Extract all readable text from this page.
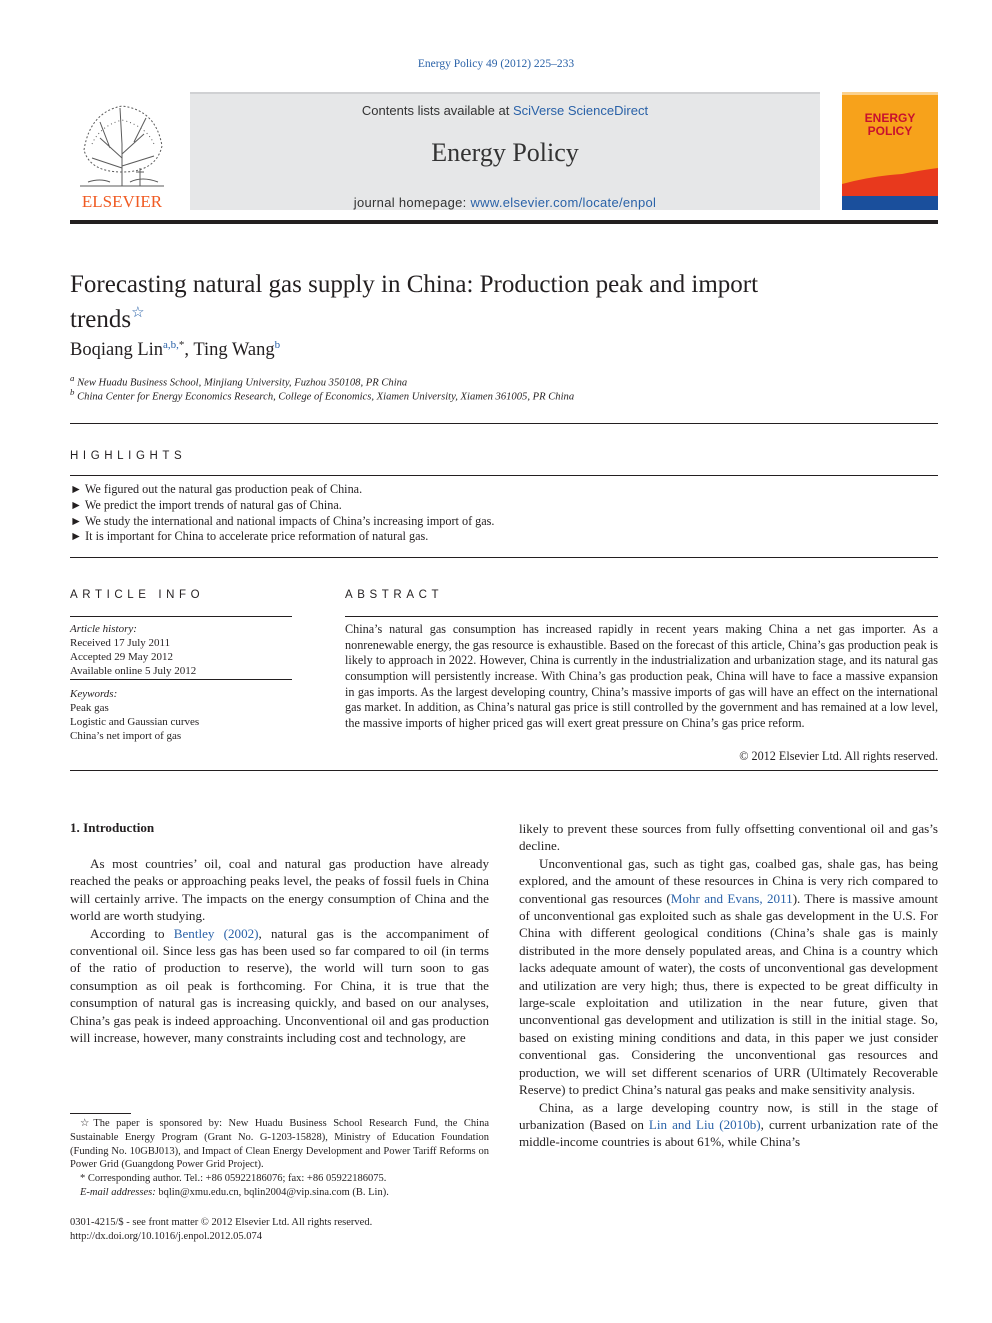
Energy Policy 49 (2012) 225–233
ELSEVIER
Contents lists available at SciVerse ScienceDirect
Energy Policy
journal homepage: www.elsevier.com/locate/enpol
ENERGY
POLICY
Forecasting natural gas supply in China: Production peak and import trends☆
Boqiang Lin$^{a,b,*}$, Ting Wang$^b$
$^a$ New Huadu Business School, Minjiang University, Fuzhou 350108, PR China
$^b$ China Center for Energy Economics Research, College of Economics, Xiamen University, Xiamen 361005, PR China
HIGHLIGHTS
► We figured out the natural gas production peak of China.
► We predict the import trends of natural gas of China.
► We study the international and national impacts of China’s increasing import of gas.
► It is important for China to accelerate price reformation of natural gas.
ARTICLE INFO
Article history:
Received 17 July 2011
Accepted 29 May 2012
Available online 5 July 2012
Keywords:
Peak gas
Logistic and Gaussian curves
China’s net import of gas
ABSTRACT
China’s natural gas consumption has increased rapidly in recent years making China a net gas importer. As a nonrenewable energy, the gas resource is exhaustible. Based on the forecast of this article, China’s gas production peak is likely to approach in 2022. However, China is currently in the industrialization and urbanization stage, and its natural gas consumption will persistently increase. With China’s gas production peak, China will have to face a massive expansion in gas imports. As the largest developing country, China’s massive imports of gas will have an effect on the international gas market. In addition, as China’s natural gas price is still controlled by the government and has remained at a low level, the massive imports of higher priced gas will exert great pressure on China’s gas price reform.
© 2012 Elsevier Ltd. All rights reserved.
1. Introduction

As most countries’ oil, coal and natural gas production have already reached the peaks or approaching peaks level, the peaks of fossil fuels in China will certainly arrive. The impacts on the energy consumption of China and the world are worth studying.

According to Bentley (2002), natural gas is the accompaniment of conventional oil. Since less gas has been used so far compared to oil (in terms of the ratio of production to reserve), the world will turn soon to gas consumption as oil peak is forthcoming. For China, it is true that the consumption of natural gas is increasing quickly, and based on our analyses, China’s gas peak is indeed approaching. Unconventional oil and gas production will increase, however, many constraints including cost and technology, are

likely to prevent these sources from fully offsetting conventional oil and gas’s decline.

Unconventional gas, such as tight gas, coalbed gas, shale gas, has being explored, and the amount of these resources in China is very rich compared to conventional gas resources (Mohr and Evans, 2011). There is massive amount of unconventional gas exploited such as shale gas development in the U.S. For China with different geological conditions (China’s shale gas is mainly distributed in the more densely populated areas, and China is a country which lacks adequate amount of water), the costs of unconventional gas development and utilization are very high; thus, there is expected to be great difficulty in large-scale exploitation and utilization in the near future, given that unconventional gas development and utilization is still in the initial stage. So, based on existing mining conditions and data, in this paper we just consider conventional gas. Considering the unconventional gas resources and production, we will set different scenarios of URR (Ultimately Recoverable Reserve) to predict China’s natural gas peaks and make sensitivity analysis.

China, as a large developing country now, is still in the stage of urbanization (Based on Lin and Liu (2010b), current urbanization rate of the middle-income countries is about 61%, while China’s

☆The paper is sponsored by: New Huadu Business School Research Fund, the China Sustainable Energy Program (Grant No. G-1203-15828), Ministry of Education Foundation (Funding No. 10GBJ013), and Impact of Clean Energy Development and Power Tariff Reforms on Power Grid (Guangdong Power Grid Project).

* Corresponding author. Tel.: +86 05922186076; fax: +86 05922186075.

E-mail addresses: bqlin@xmu.edu.cn, bqlin2004@vip.sina.com (B. Lin).

0301-4215/$ - see front matter © 2012 Elsevier Ltd. All rights reserved.
http://dx.doi.org/10.1016/j.enpol.2012.05.074
